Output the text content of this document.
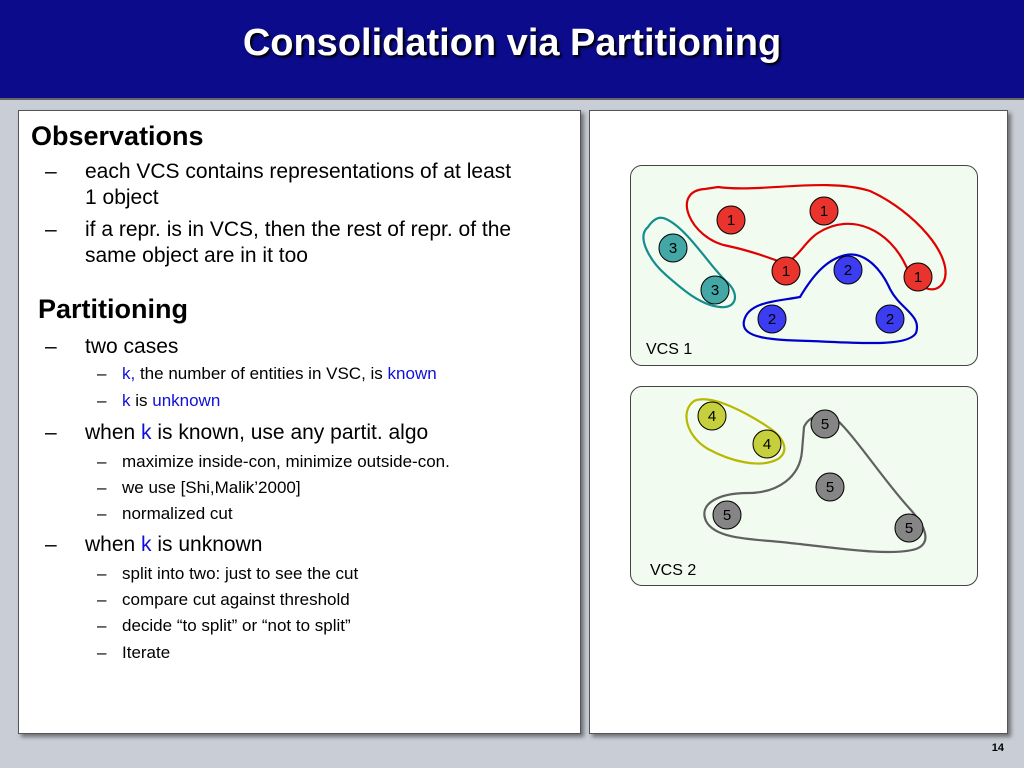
Consolidation via Partitioning
Observations
– each VCS contains representations of at least
1 object
– if a repr. is in VCS, then the rest of repr. of the
same object are in it too
Partitioning
– two cases
– k, the number of entities in VSC, is known
– k is unknown
– when k is known, use any partit. algo
– maximize inside-con, minimize outside-con.
– we use [Shi,Malik’2000]
– normalized cut
– when k is unknown
– split into two: just to see the cut
– compare cut against threshold
– decide “to split” or “not to split”
– Iterate
1
1
1	1
2
2	2
3
3
VCS 1
4
4
5
5
5
5
VCS 2
14
